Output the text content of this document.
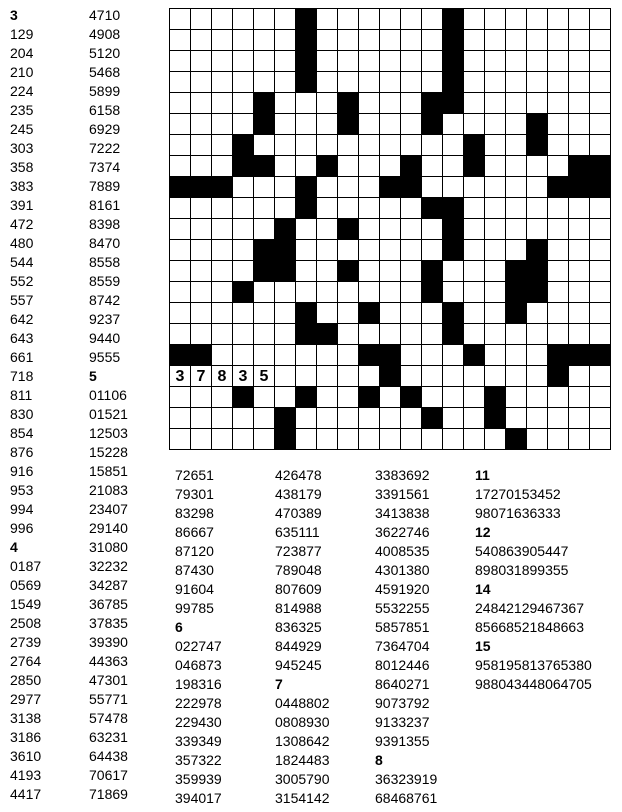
3 7 8 3 5
3
129
204
210
224
235
245
303
358
383
391
472
480
544
552
557
642
643
661
718
811
830
854
876
916
953
994
996
4
0187
0569
1549
2508
2739
2764
2850
2977
3138
3186
3610
4193
4417
4710
4908
5120
5468
5899
6158
6929
7222
7374
7889
8161
8398
8470
8558
8559
8742
9237
9440
9555
5
01106
01521
12503
15228
15851
21083
23407
29140
31080
32232
34287
36785
37835
39390
44363
47301
55771
57478
63231
64438
70617
71869
72651
79301
83298
86667
87120
87430
91604
99785
6
022747
046873
198316
222978
229430
339349
357322
359939
394017
426478
438179
470389
635111
723877
789048
807609
814988
836325
844929
945245
7
0448802
0808930
1308642
1824483
3005790
3154142
3383692
3391561
3413838
3622746
4008535
4301380
4591920
5532255
5857851
7364704
8012446
8640271
9073792
9133237
9391355
8
36323919
68468761
11
17270153452
98071636333
12
540863905447
898031899355
14
24842129467367
85668521848663
15
958195813765380
988043448064705
